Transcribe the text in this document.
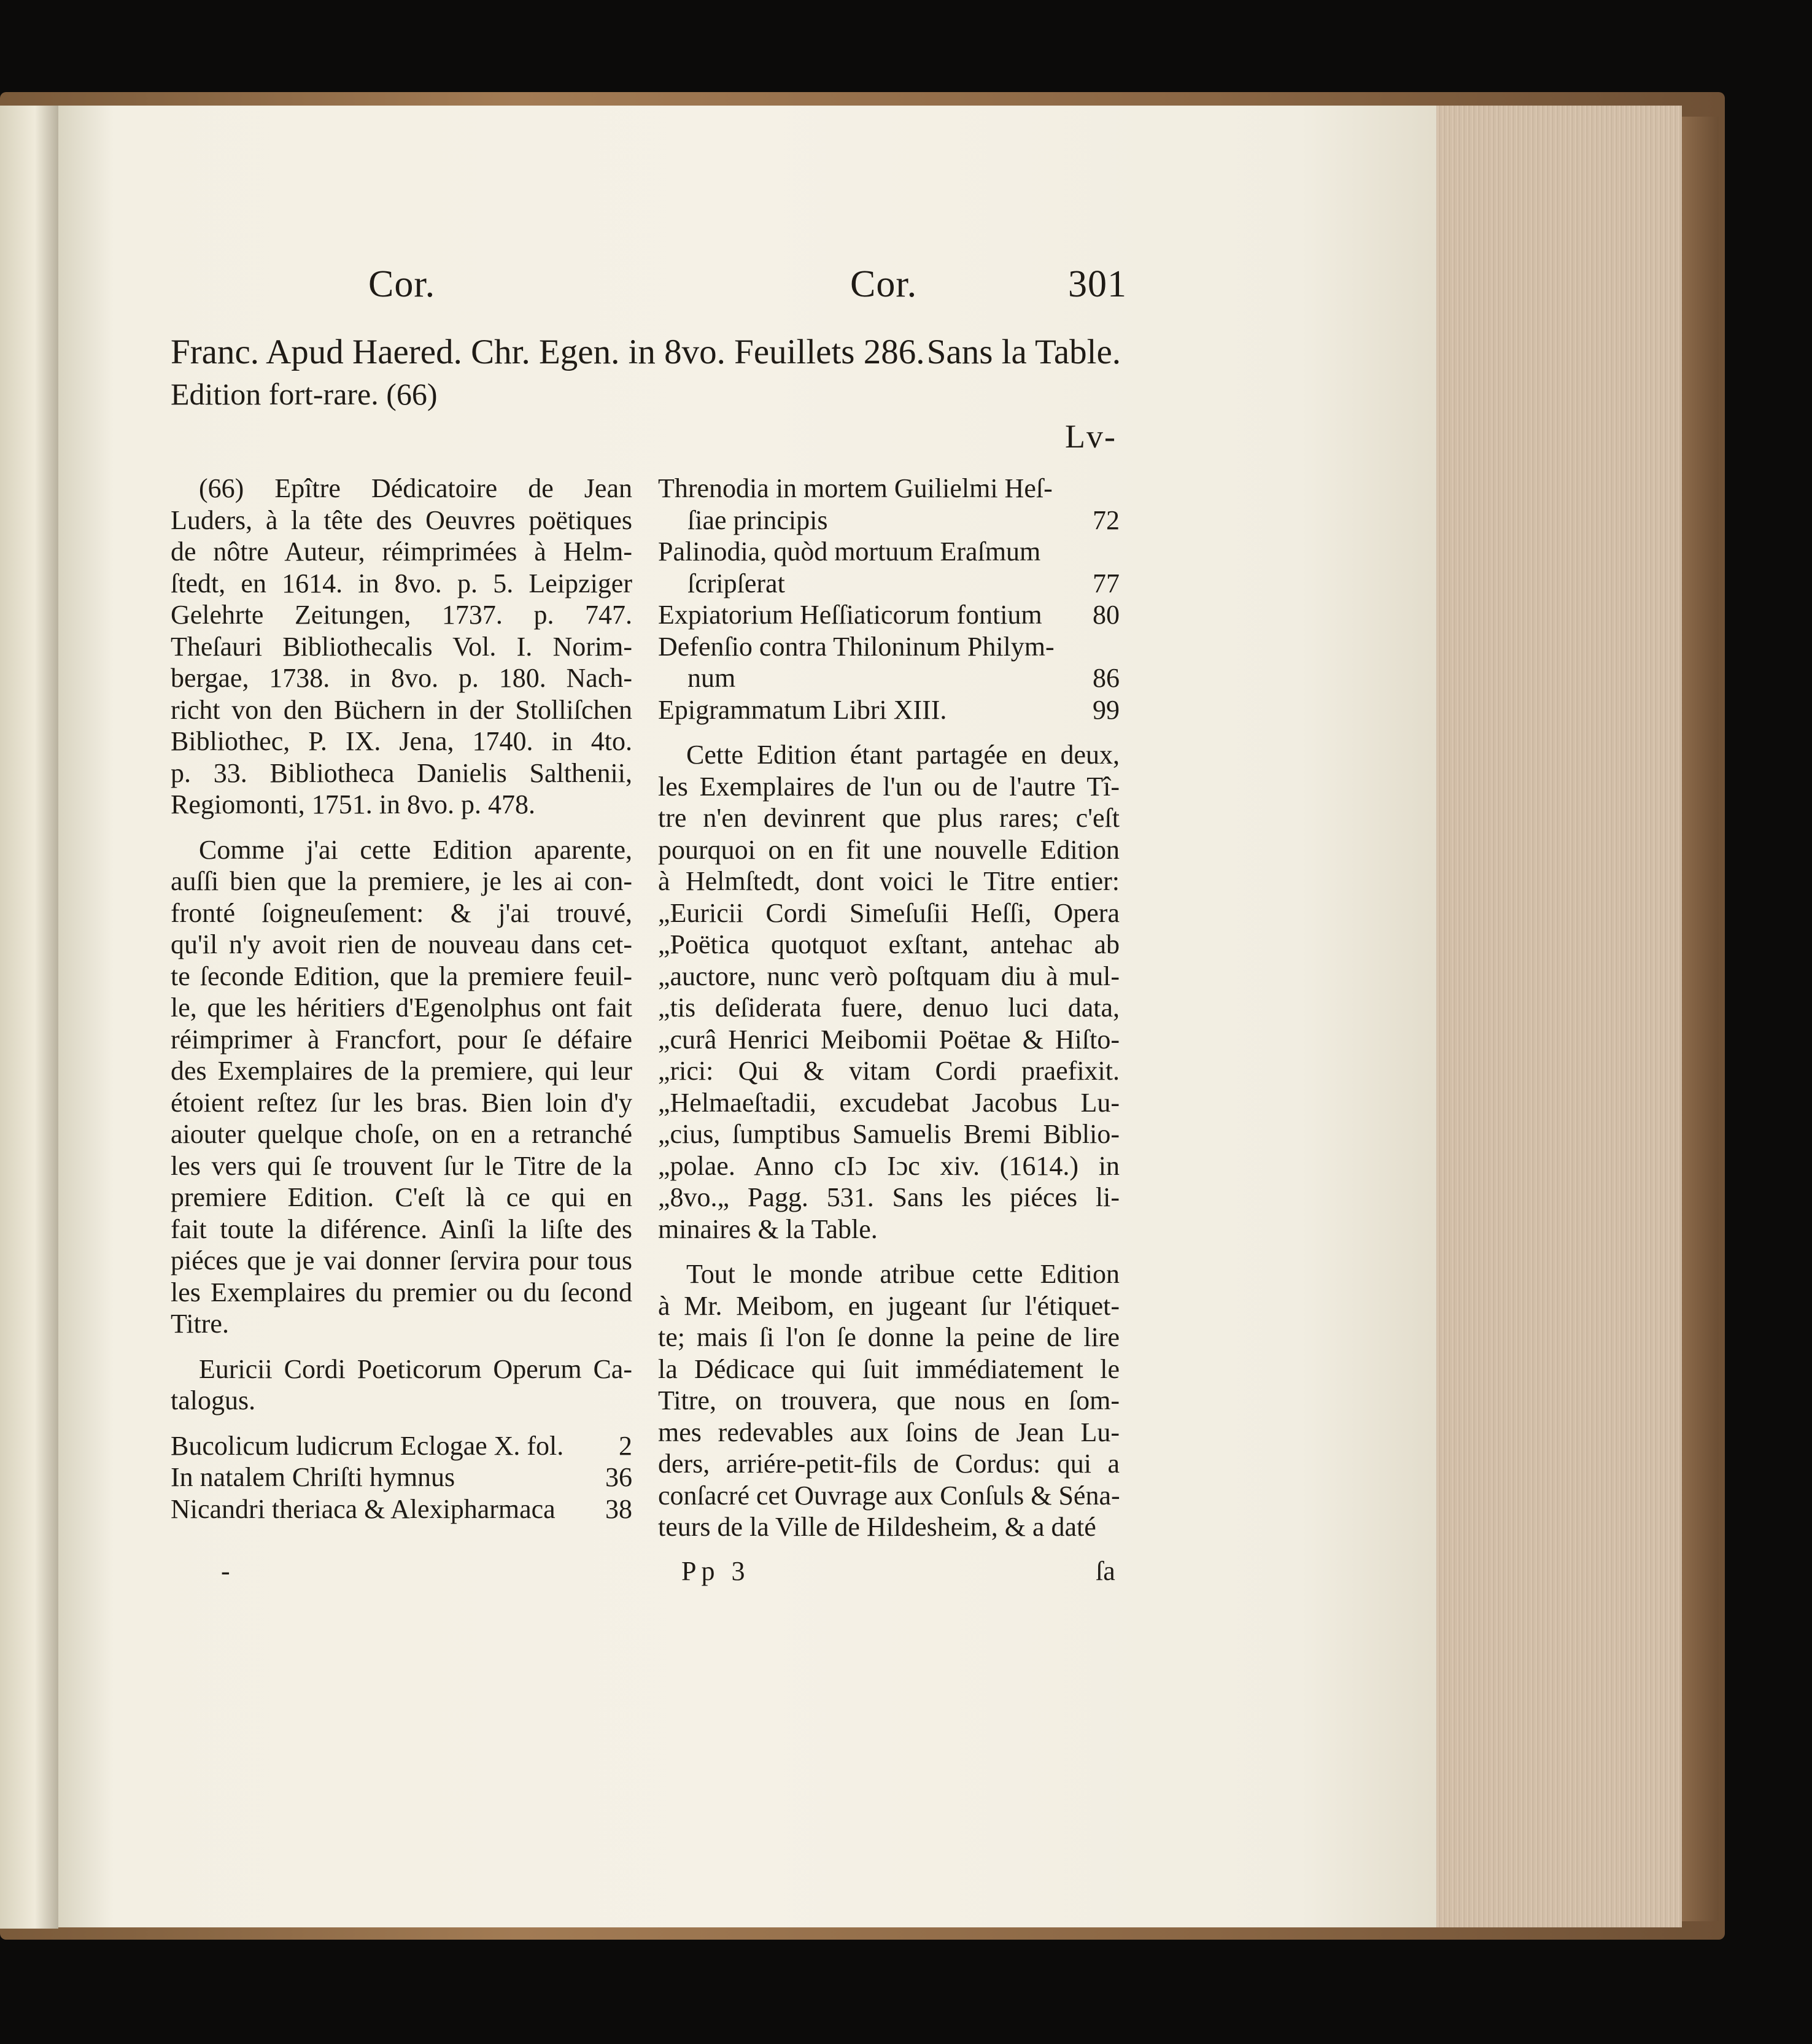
Cor.	Cor.	301
Franc. Apud Haered. Chr. Egen. in 8vo. Feuillets 286. Sans la Table.
Edition fort-rare. (66)
Lv-
(66) Epître Dédicatoire de Jean
Luders, à la tête des Oeuvres poëtiques
de nôtre Auteur, réimprimées à Helm-
ſtedt, en 1614. in 8vo. p. 5. Leipziger
Gelehrte Zeitungen, 1737. p. 747.
Theſauri Bibliothecalis Vol. I. Norim-
bergae, 1738. in 8vo. p. 180. Nach-
richt von den Büchern in der Stolliſchen
Bibliothec, P. IX. Jena, 1740. in 4to.
p. 33. Bibliotheca Danielis Salthenii,
Regiomonti, 1751. in 8vo. p. 478.
Comme j'ai cette Edition aparente,
auſſi bien que la premiere, je les ai con-
fronté ſoigneuſement: & j'ai trouvé,
qu'il n'y avoit rien de nouveau dans cet-
te ſeconde Edition, que la premiere feuil-
le, que les héritiers d'Egenolphus ont fait
réimprimer à Francfort, pour ſe défaire
des Exemplaires de la premiere, qui leur
étoient reſtez ſur les bras. Bien loin d'y
aiouter quelque choſe, on en a retranché
les vers qui ſe trouvent ſur le Titre de la
premiere Edition. C'eſt là ce qui en
fait toute la diférence. Ainſi la liſte des
piéces que je vai donner ſervira pour tous
les Exemplaires du premier ou du ſecond
Titre.
Euricii Cordi Poeticorum Operum Ca-
talogus.
Bucolicum ludicrum Eclogae X. fol.	2
In natalem Chriſti hymnus	36
Nicandri theriaca & Alexipharmaca	38
Threnodia in mortem Guilielmi Heſ-
ſiae principis	72
Palinodia, quòd mortuum Eraſmum
ſcripſerat	77
Expiatorium Heſſiaticorum fontium	80
Defenſio contra Thiloninum Philym-
num	86
Epigrammatum Libri XIII.	99
Cette Edition étant partagée en deux,
les Exemplaires de l'un ou de l'autre Tî-
tre n'en devinrent que plus rares; c'eſt
pourquoi on en fit une nouvelle Edition
à Helmſtedt, dont voici le Titre entier:
„Euricii Cordi Simeſuſii Heſſi, Opera
„Poëtica quotquot exſtant, antehac ab
„auctore, nunc verò poſtquam diu à mul-
„tis deſiderata fuere, denuo luci data,
„curâ Henrici Meibomii Poëtae & Hiſto-
„rici: Qui & vitam Cordi praefixit.
„Helmaeſtadii, excudebat Jacobus Lu-
„cius, ſumptibus Samuelis Bremi Biblio-
„polae. Anno cIɔ Iɔc xiv. (1614.) in
„8vo.„ Pagg. 531. Sans les piéces li-
minaires & la Table.
Tout le monde atribue cette Edition
à Mr. Meibom, en jugeant ſur l'étiquet-
te; mais ſi l'on ſe donne la peine de lire
la Dédicace qui ſuit immédiatement le
Titre, on trouvera, que nous en ſom-
mes redevables aux ſoins de Jean Lu-
ders, arriére-petit-fils de Cordus: qui a
conſacré cet Ouvrage aux Conſuls & Séna-
teurs de la Ville de Hildesheim, & a daté
Pp 3	ſa
-
